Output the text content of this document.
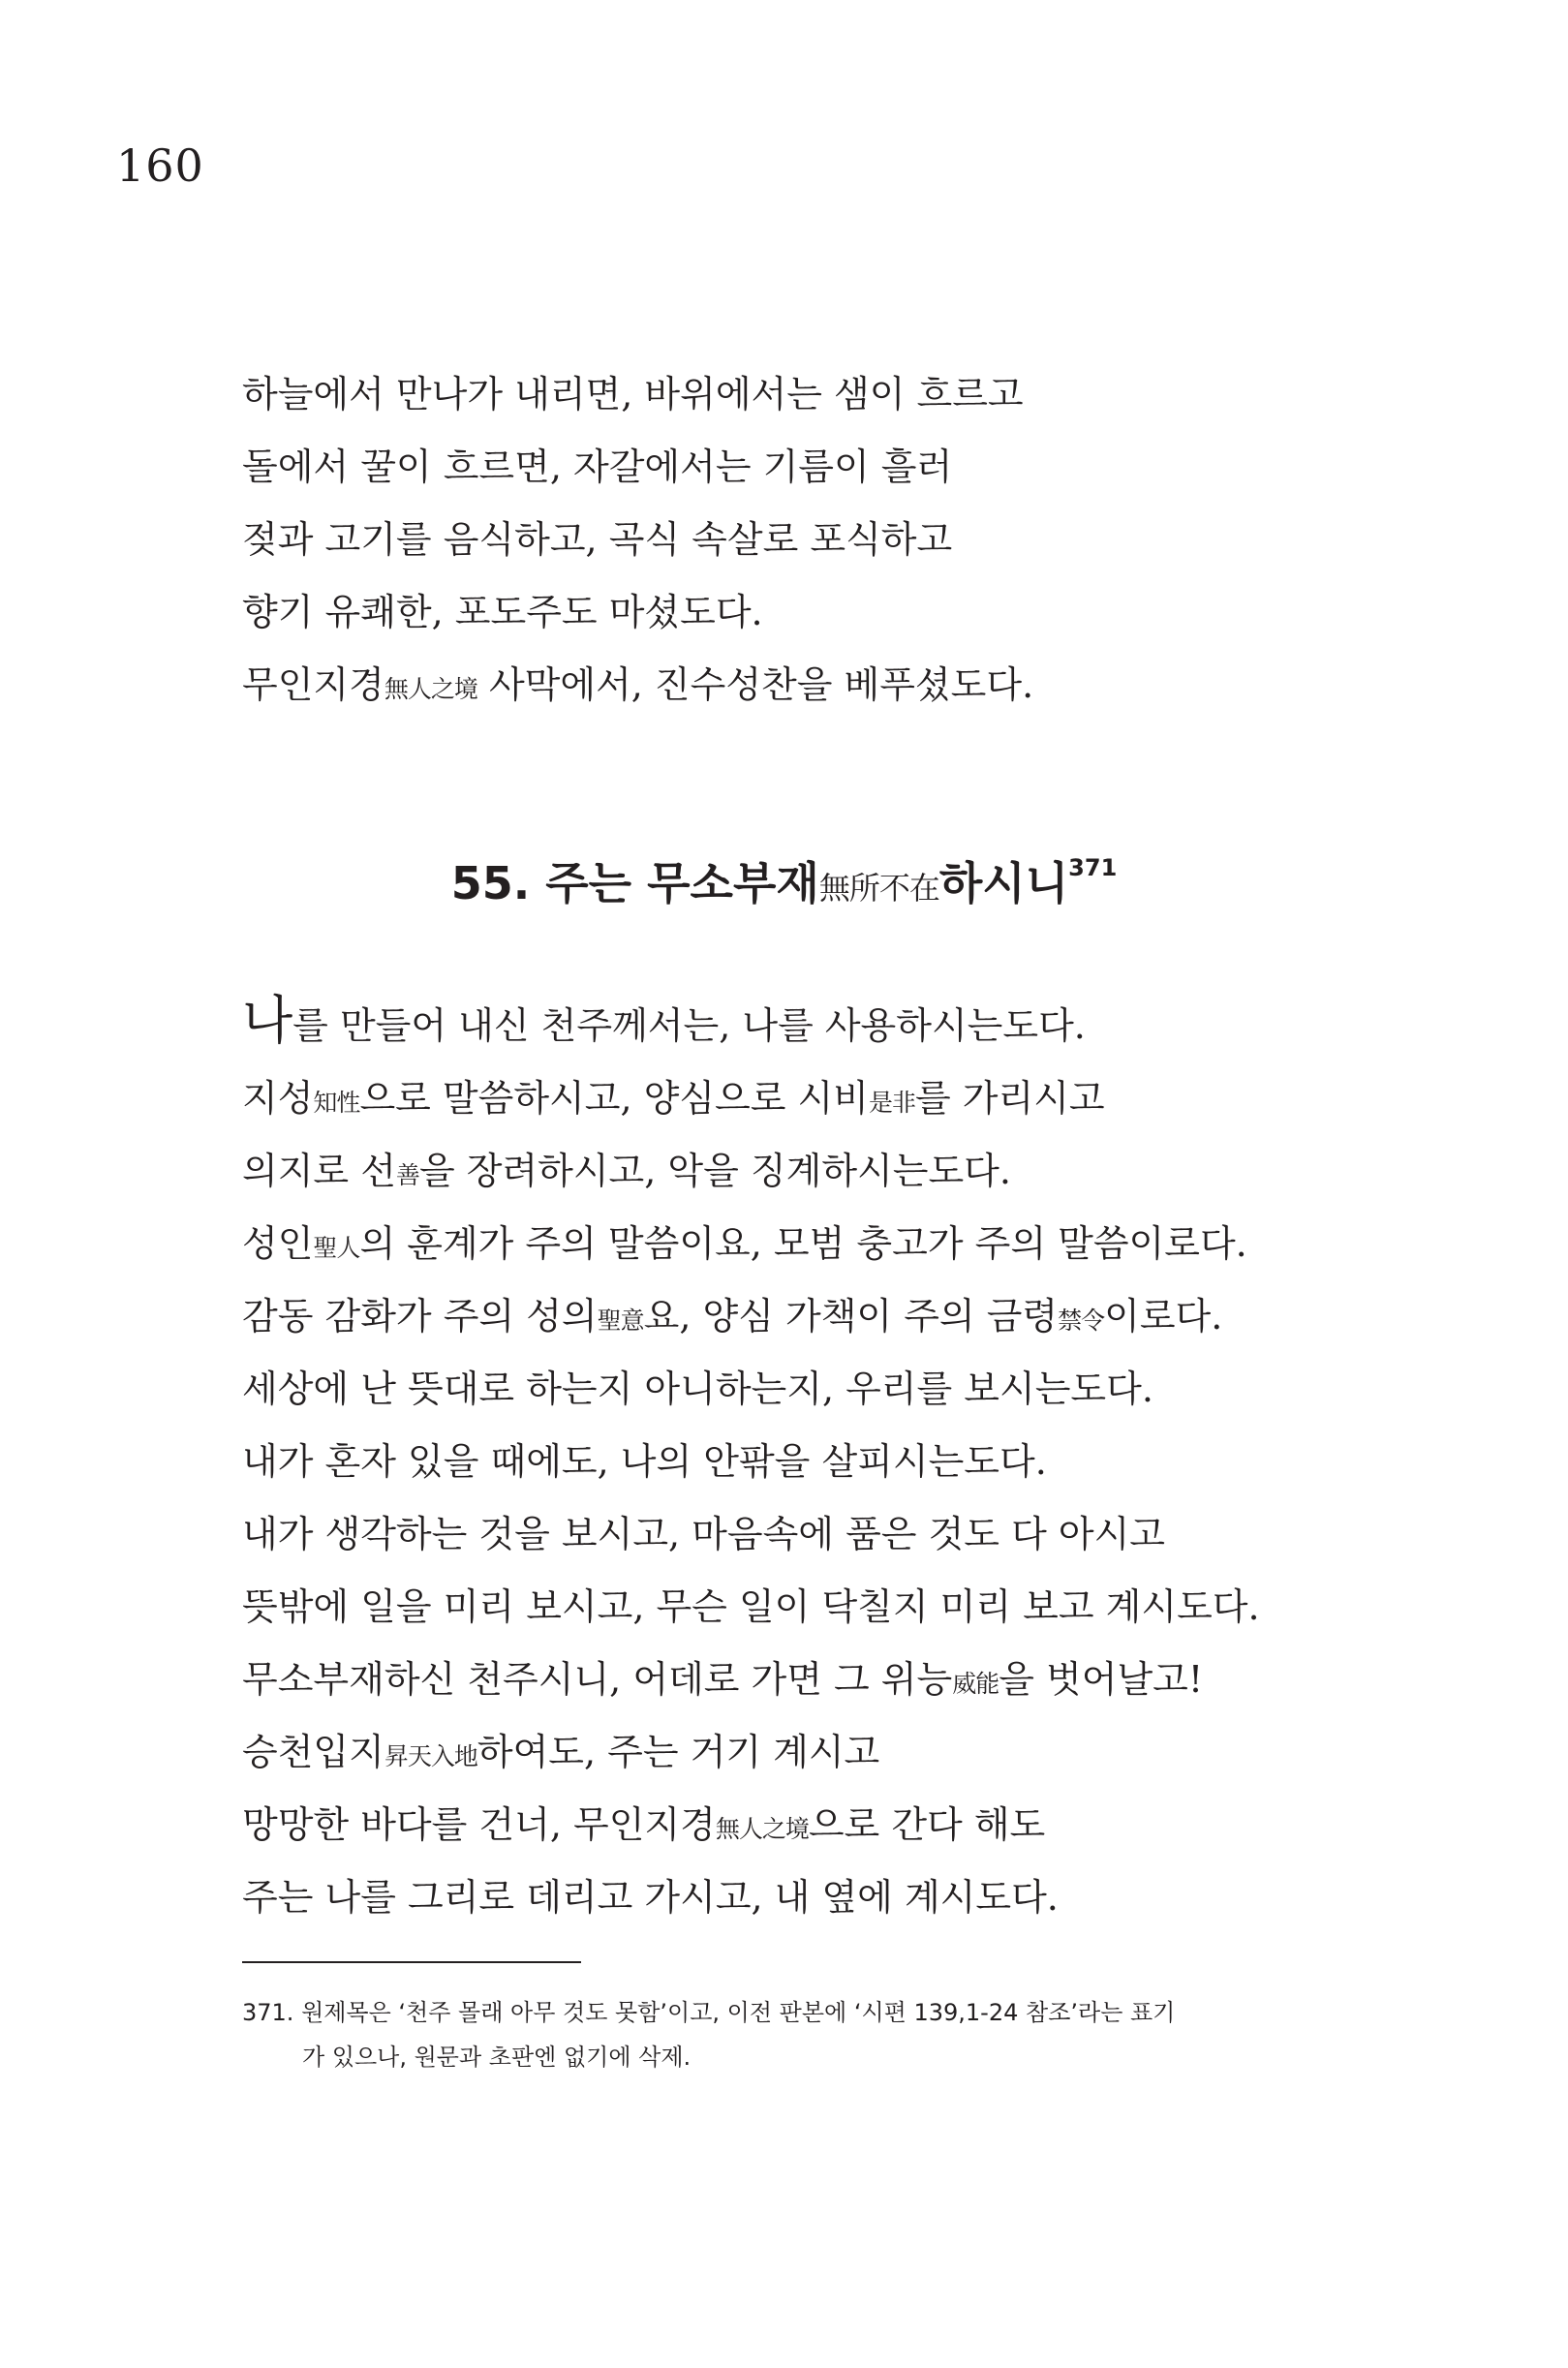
160
하늘에서 만나가 내리면, 바위에서는 샘이 흐르고
돌에서 꿀이 흐르면, 자갈에서는 기름이 흘러
젖과 고기를 음식하고, 곡식 속살로 포식하고
향기 유쾌한, 포도주도 마셨도다.
무인지경無人之境 사막에서, 진수성찬을 베푸셨도다.
55. 주는 무소부재無所不在하시니$^{371}$
나를 만들어 내신 천주께서는, 나를 사용하시는도다.
지성知性으로 말씀하시고, 양심으로 시비是非를 가리시고
의지로 선善을 장려하시고, 악을 징계하시는도다.
성인聖人의 훈계가 주의 말씀이요, 모범 충고가 주의 말씀이로다.
감동 감화가 주의 성의聖意요, 양심 가책이 주의 금령禁令이로다.
세상에 난 뜻대로 하는지 아니하는지, 우리를 보시는도다.
내가 혼자 있을 때에도, 나의 안팎을 살피시는도다.
내가 생각하는 것을 보시고, 마음속에 품은 것도 다 아시고
뜻밖에 일을 미리 보시고, 무슨 일이 닥칠지 미리 보고 계시도다.
무소부재하신 천주시니, 어데로 가면 그 위능威能을 벗어날고!
승천입지昇天入地하여도, 주는 거기 계시고
망망한 바다를 건너, 무인지경無人之境으로 간다 해도
주는 나를 그리로 데리고 가시고, 내 옆에 계시도다.
371. 원제목은 ‘천주 몰래 아무 것도 못함’이고, 이전 판본에 ‘시편 139,1-24 참조’라는 표기
가 있으나, 원문과 초판엔 없기에 삭제.
